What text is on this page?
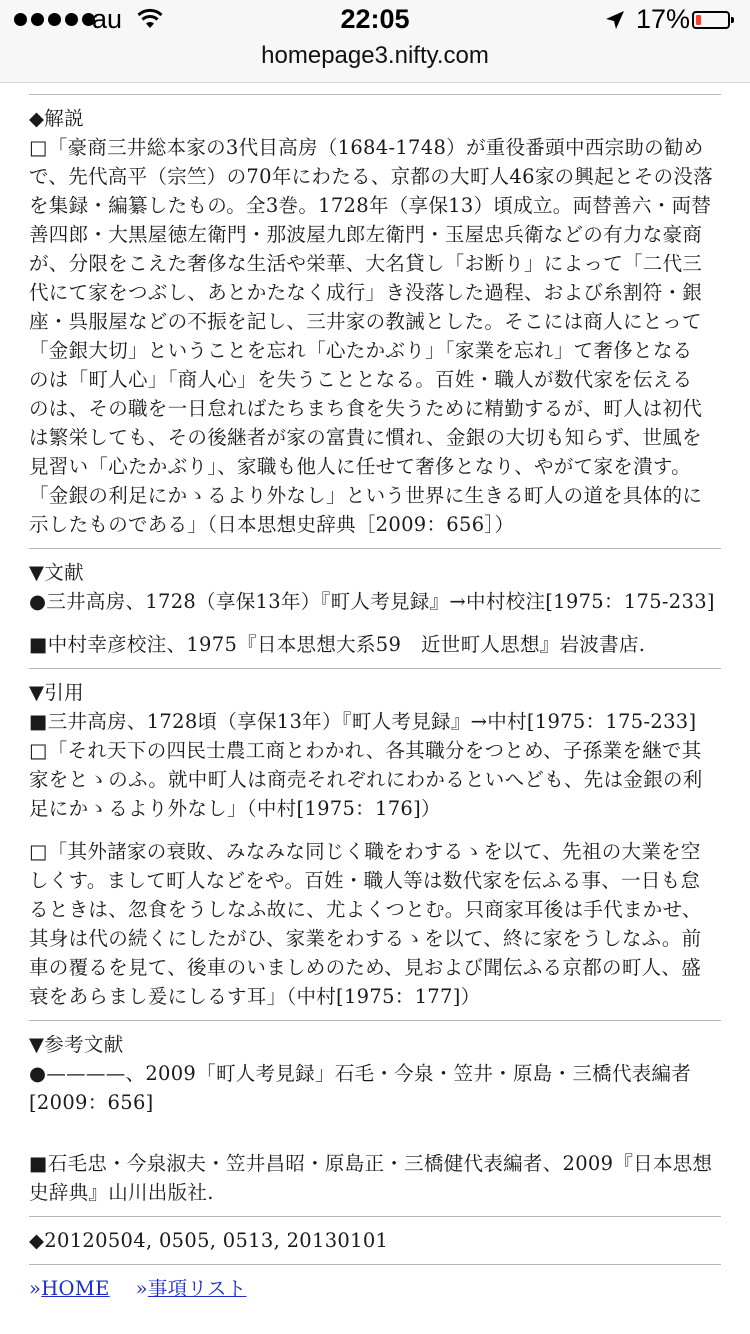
au	22:05	17%
homepage3.nifty.com

◆解説

□「豪商三井総本家の3代目高房（1684-1748）が重役番頭中西宗助の勧め

で、先代高平（宗竺）の70年にわたる、京都の大町人46家の興起とその没落

を集録・編纂したもの。全3巻。1728年（享保13）頃成立。両替善六・両替

善四郎・大黒屋徳左衛門・那波屋九郎左衛門・玉屋忠兵衛などの有力な豪商

が、分限をこえた奢侈な生活や栄華、大名貸し「お断り」によって「二代三

代にて家をつぶし、あとかたなく成行」き没落した過程、および糸割符・銀

座・呉服屋などの不振を記し、三井家の教誡とした。そこには商人にとって

「金銀大切」ということを忘れ「心たかぶり」「家業を忘れ」て奢侈となる

のは「町人心」「商人心」を失うこととなる。百姓・職人が数代家を伝える

のは、その職を一日怠ればたちまち食を失うために精勤するが、町人は初代

は繁栄しても、その後継者が家の富貴に慣れ、金銀の大切も知らず、世風を

見習い「心たかぶり」、家職も他人に任せて奢侈となり、やがて家を潰す。

「金銀の利足にかゝるより外なし」という世界に生きる町人の道を具体的に

示したものである」（日本思想史辞典［2009：656］）

▼文献

●三井高房、1728（享保13年）『町人考見録』→中村校注[1975：175-233]

■中村幸彦校注、1975『日本思想大系59　近世町人思想』岩波書店.

▼引用

■三井高房、1728頃（享保13年）『町人考見録』→中村[1975：175-233]

□「それ天下の四民士農工商とわかれ、各其職分をつとめ、子孫業を継で其

家をとゝのふ。就中町人は商売それぞれにわかるといへども、先は金銀の利

足にかゝるより外なし」（中村[1975：176]）

□「其外諸家の衰敗、みなみな同じく職をわするゝを以て、先祖の大業を空

しくす。まして町人などをや。百姓・職人等は数代家を伝ふる事、一日も怠

るときは、忽食をうしなふ故に、尤よくつとむ。只商家耳後は手代まかせ、

其身は代の続くにしたがひ、家業をわするゝを以て、終に家をうしなふ。前

車の覆るを見て、後車のいましめのため、見および聞伝ふる京都の町人、盛

衰をあらまし爰にしるす耳」（中村[1975：177]）

▼参考文献

●————、2009「町人考見録」石毛・今泉・笠井・原島・三橋代表編者

[2009：656]

■石毛忠・今泉淑夫・笠井昌昭・原島正・三橋健代表編者、2009『日本思想

史辞典』山川出版社.

◆20120504, 0505, 0513, 20130101

»HOME »事項リスト
